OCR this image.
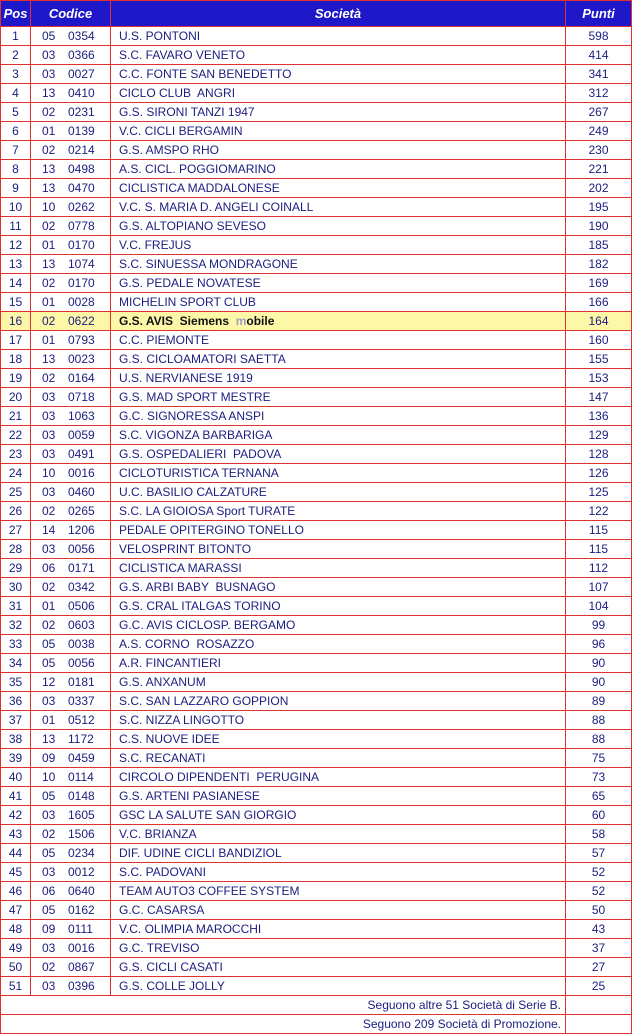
Pos	Codice	Società	Punti
1	05 0354	U.S. PONTONI	598
2	03 0366	S.C. FAVARO VENETO	414
3	03 0027	C.C. FONTE SAN BENEDETTO	341
4	13 0410	CICLO CLUB  ANGRI	312
5	02 0231	G.S. SIRONI TANZI 1947	267
6	01 0139	V.C. CICLI BERGAMIN	249
7	02 0214	G.S. AMSPO RHO	230
8	13 0498	A.S. CICL. POGGIOMARINO	221
9	13 0470	CICLISTICA MADDALONESE	202
10	10 0262	V.C. S. MARIA D. ANGELI COINALL	195
11	02 0778	G.S. ALTOPIANO SEVESO	190
12	01 0170	V.C. FREJUS	185
13	13 1074	S.C. SINUESSA MONDRAGONE	182
14	02 0170	G.S. PEDALE NOVATESE	169
15	01 0028	MICHELIN SPORT CLUB	166
16	02 0622	G.S. AVIS  Siemens  mobile	164
17	01 0793	C.C. PIEMONTE	160
18	13 0023	G.S. CICLOAMATORI SAETTA	155
19	02 0164	U.S. NERVIANESE 1919	153
20	03 0718	G.S. MAD SPORT MESTRE	147
21	03 1063	G.C. SIGNORESSA ANSPI	136
22	03 0059	S.C. VIGONZA BARBARIGA	129
23	03 0491	G.S. OSPEDALIERI  PADOVA	128
24	10 0016	CICLOTURISTICA TERNANA	126
25	03 0460	U.C. BASILIO CALZATURE	125
26	02 0265	S.C. LA GIOIOSA Sport TURATE	122
27	14 1206	PEDALE OPITERGINO TONELLO	115
28	03 0056	VELOSPRINT BITONTO	115
29	06 0171	CICLISTICA MARASSI	112
30	02 0342	G.S. ARBI BABY  BUSNAGO	107
31	01 0506	G.S. CRAL ITALGAS TORINO	104
32	02 0603	G.C. AVIS CICLOSP. BERGAMO	99
33	05 0038	A.S. CORNO  ROSAZZO	96
34	05 0056	A.R. FINCANTIERI	90
35	12 0181	G.S. ANXANUM	90
36	03 0337	S.C. SAN LAZZARO GOPPION	89
37	01 0512	S.C. NIZZA LINGOTTO	88
38	13 1172	C.S. NUOVE IDEE	88
39	09 0459	S.C. RECANATI	75
40	10 0114	CIRCOLO DIPENDENTI  PERUGINA	73
41	05 0148	G.S. ARTENI PASIANESE	65
42	03 1605	GSC LA SALUTE SAN GIORGIO	60
43	02 1506	V.C. BRIANZA	58
44	05 0234	DIF. UDINE CICLI BANDIZIOL	57
45	03 0012	S.C. PADOVANI	52
46	06 0640	TEAM AUTO3 COFFEE SYSTEM	52
47	05 0162	G.C. CASARSA	50
48	09 0111	V.C. OLIMPIA MAROCCHI	43
49	03 0016	G.C. TREVISO	37
50	02 0867	G.S. CICLI CASATI	27
51	03 0396	G.S. COLLE JOLLY	25
Seguono altre 51 Società di Serie B.			
Seguono 209 Società di Promozione.			
